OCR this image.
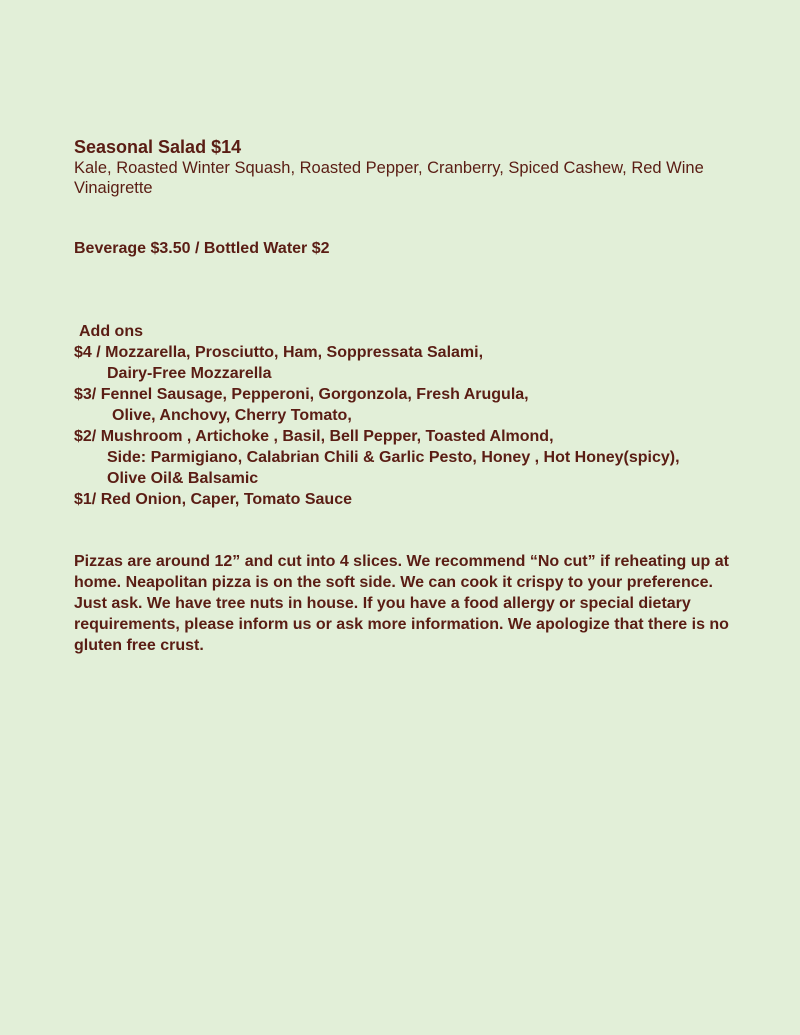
Seasonal Salad $14

Kale, Roasted Winter Squash, Roasted Pepper, Cranberry, Spiced Cashew, Red Wine Vinaigrette

Beverage $3.50 / Bottled Water $2

Add ons

$4 / Mozzarella, Prosciutto, Ham, Soppressata Salami,

Dairy-Free Mozzarella

$3/ Fennel Sausage, Pepperoni, Gorgonzola, Fresh Arugula,

Olive, Anchovy, Cherry Tomato,

$2/ Mushroom , Artichoke , Basil, Bell Pepper, Toasted Almond,

Side: Parmigiano, Calabrian Chili & Garlic Pesto, Honey , Hot Honey(spicy),

Olive Oil& Balsamic

$1/ Red Onion, Caper, Tomato Sauce

Pizzas are around 12” and cut into 4 slices. We recommend “No cut” if reheating up at home. Neapolitan pizza is on the soft side. We can cook it crispy to your preference. Just ask. We have tree nuts in house. If you have a food allergy or special dietary requirements, please inform us or ask more information. We apologize that there is no gluten free crust.
